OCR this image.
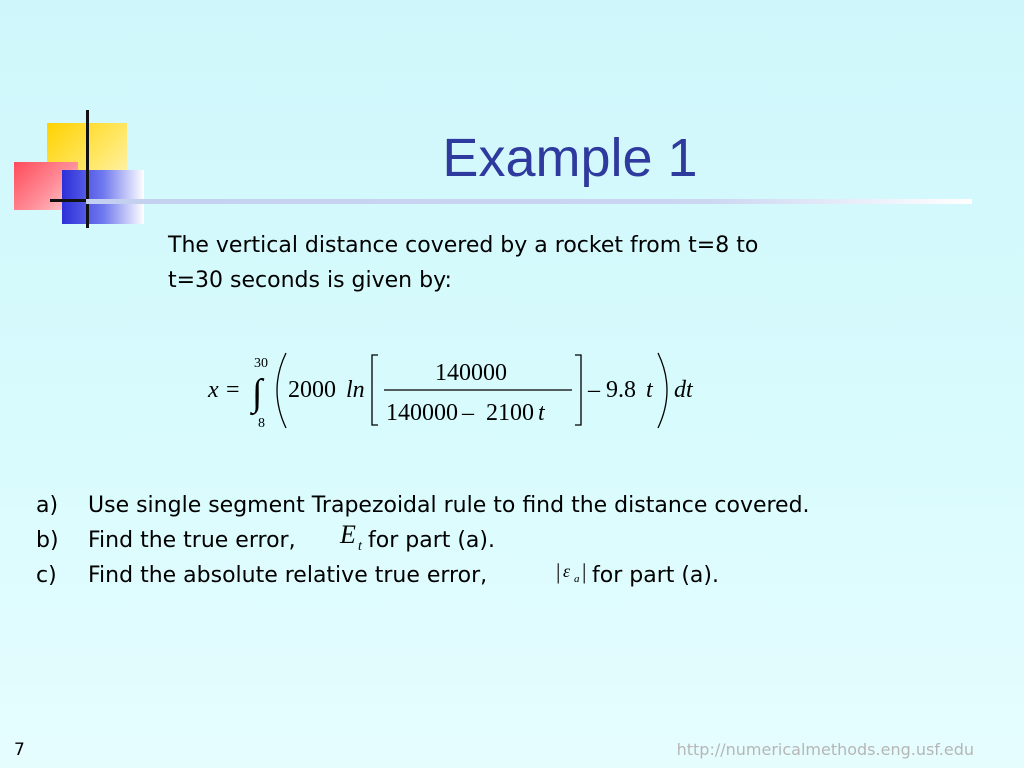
Example 1
The vertical distance covered by a rocket from t=8 to
t=30 seconds is given by:
x = ∫
30
8
2000 ln
140000
140000 – 2100 t
– 9.8 t dt
a)	Use single segment Trapezoidal rule to find the distance covered.
b)	Find the true error, E t for part (a).
c)	Find the absolute relative true error,	| ε a | for part (a).
7	http://numericalmethods.eng.usf.edu
